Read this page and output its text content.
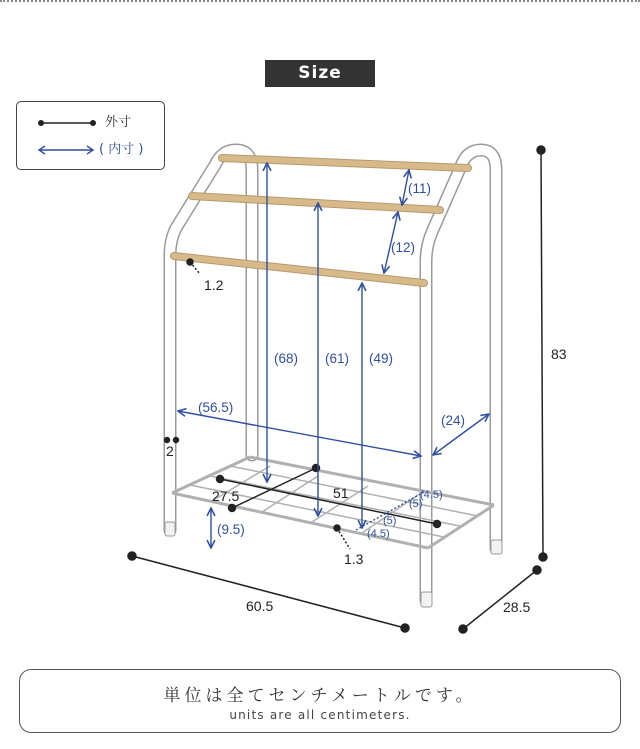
Size
外寸
( 内寸 )
83
60.5	28.5
1.2
2
27.5	51
1.3
(11)
(12)
(68) (61) (49)
(56.5)
(24)
(9.5)
(4.5)
(5)
(5)
(4.5)
単位は全てセンチメートルです。
units are all centimeters.
